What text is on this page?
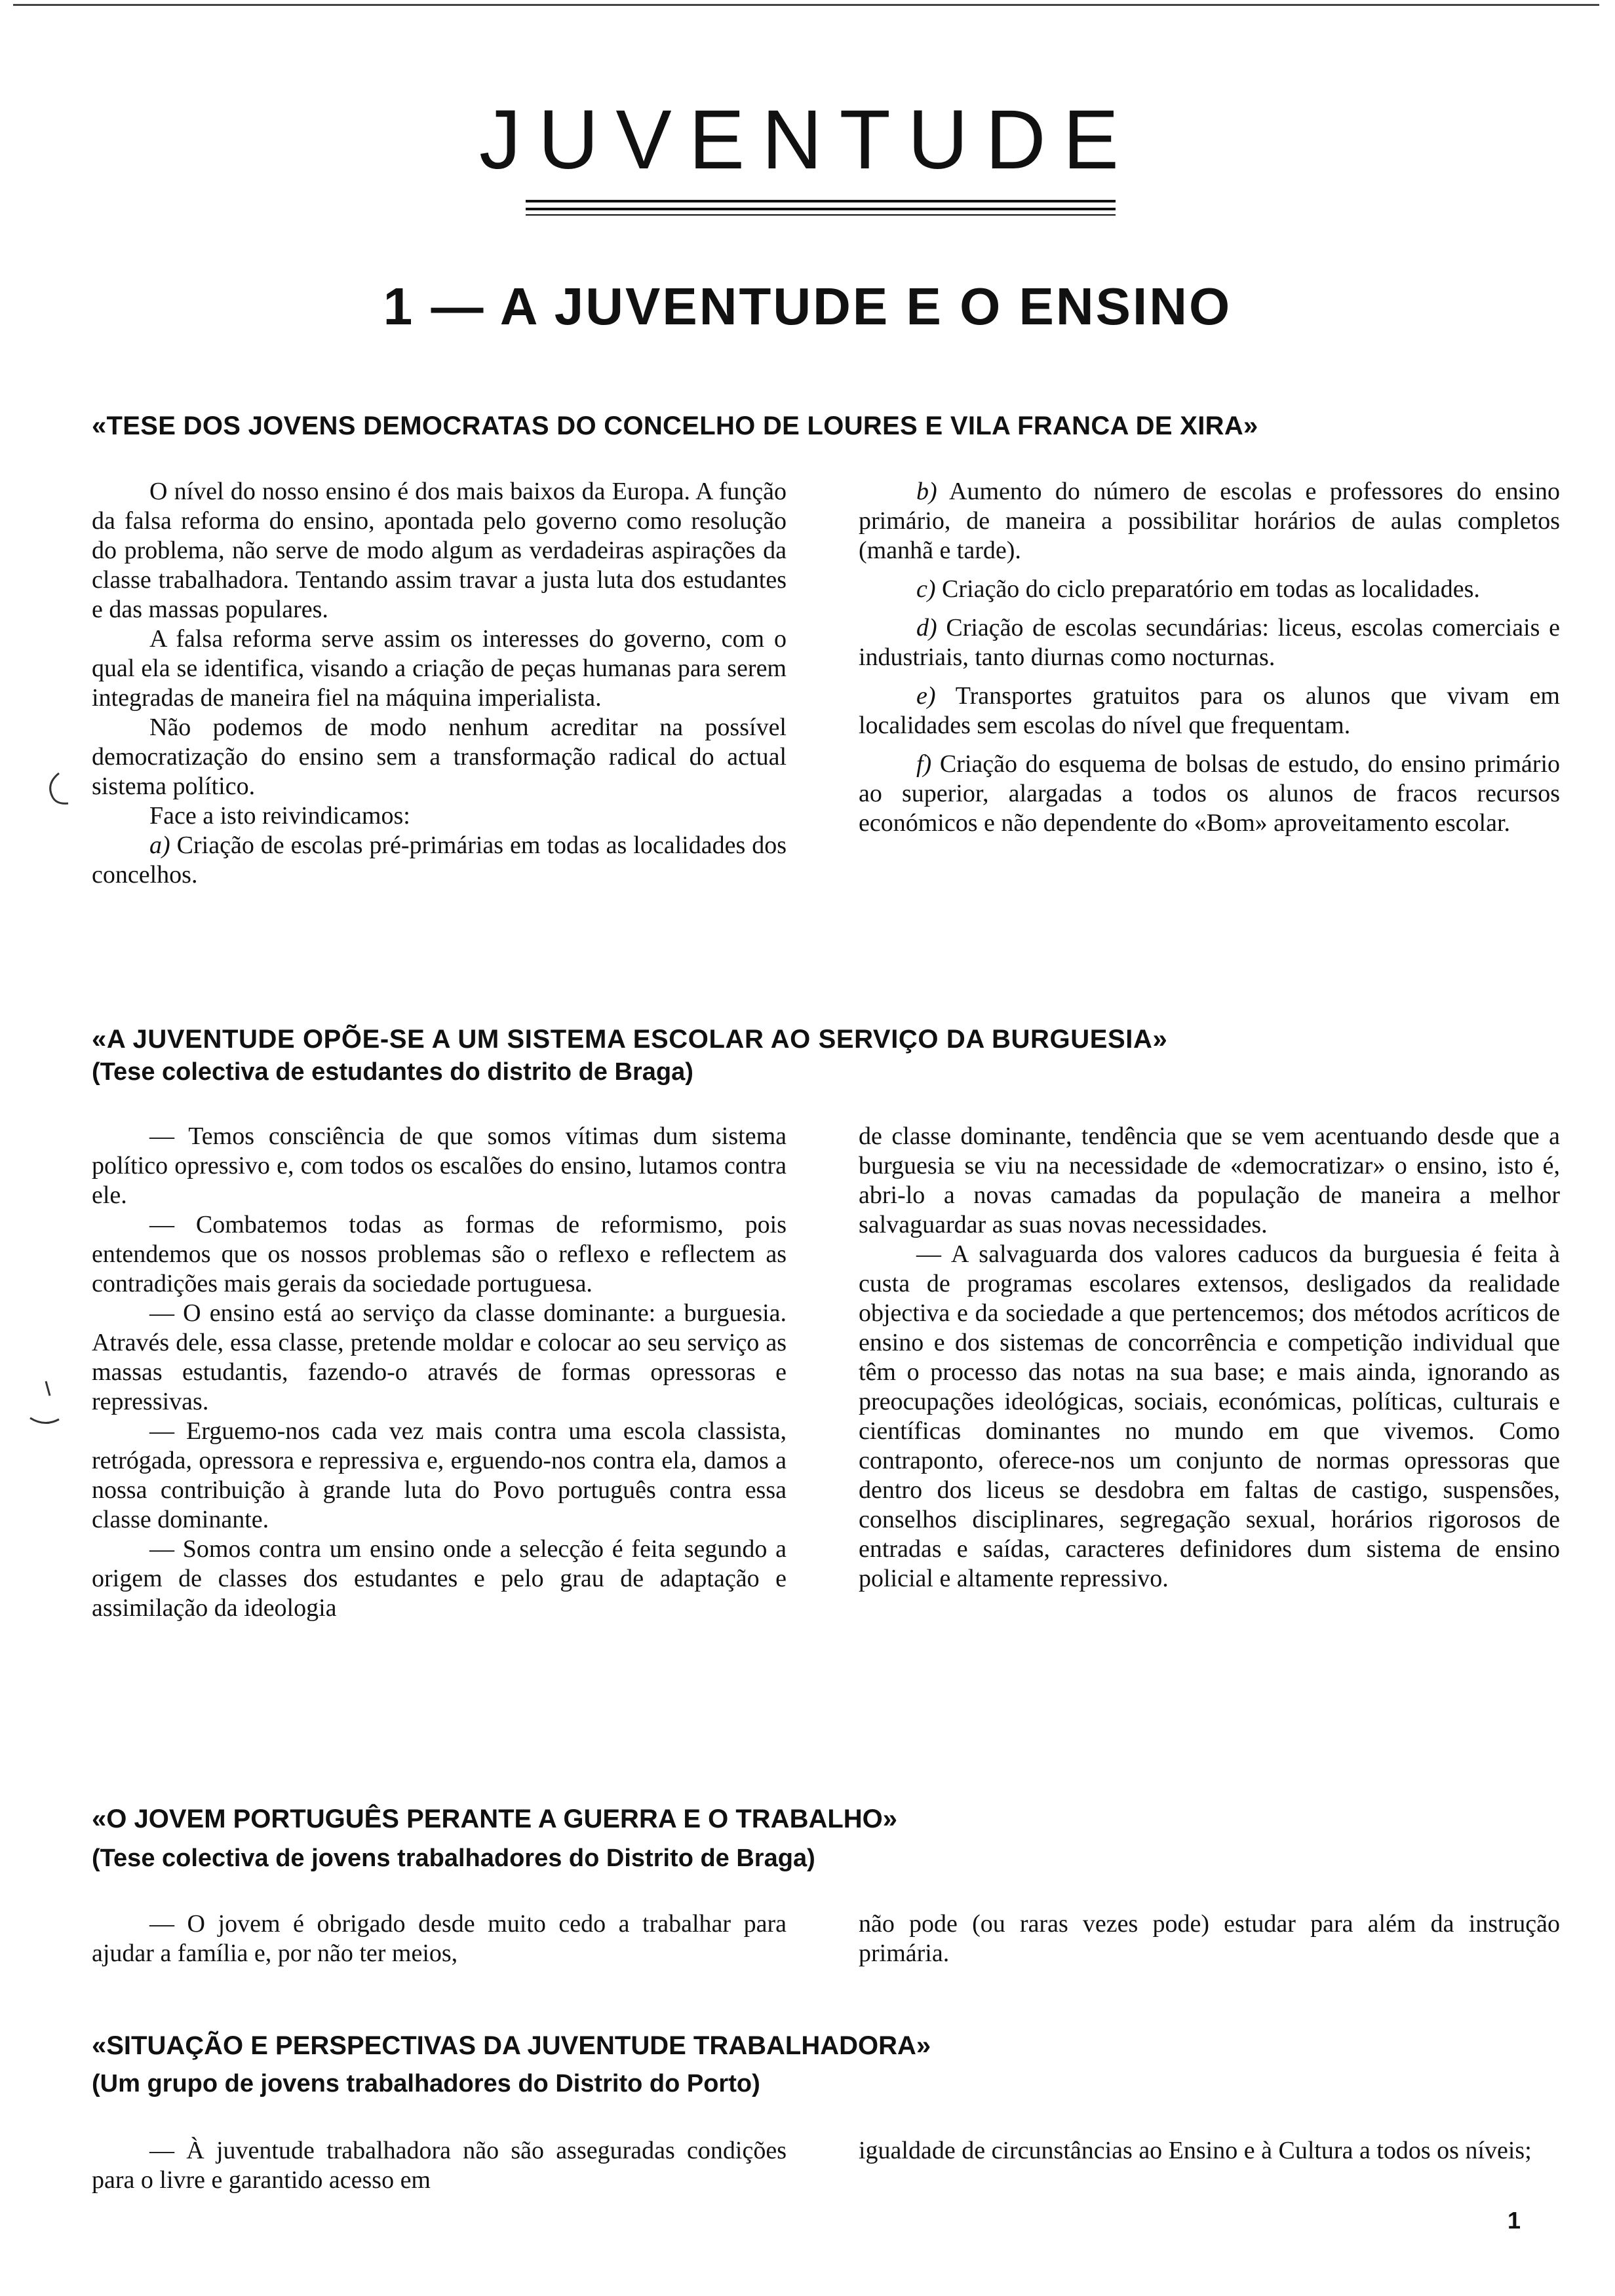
JUVENTUDE
1 — A JUVENTUDE E O ENSINO
«TESE DOS JOVENS DEMOCRATAS DO CONCELHO DE LOURES E VILA FRANCA DE XIRA»

O nível do nosso ensino é dos mais baixos da Europa. A função da falsa reforma do ensino, apontada pelo governo como resolução do problema, não serve de modo algum as verdadeiras aspirações da classe trabalhadora. Tentando assim travar a justa luta dos estudantes e das massas populares.

A falsa reforma serve assim os interesses do governo, com o qual ela se identifica, visando a criação de peças humanas para serem integradas de maneira fiel na máquina imperialista.

Não podemos de modo nenhum acreditar na possível democratização do ensino sem a transformação radical do actual sistema político.

Face a isto reivindicamos:

a) Criação de escolas pré-primárias em todas as localidades dos concelhos.

b) Aumento do número de escolas e professores do ensino primário, de maneira a possibilitar horários de aulas completos (manhã e tarde).

c) Criação do ciclo preparatório em todas as localidades.

d) Criação de escolas secundárias: liceus, escolas comerciais e industriais, tanto diurnas como nocturnas.

e) Transportes gratuitos para os alunos que vivam em localidades sem escolas do nível que frequentam.

f) Criação do esquema de bolsas de estudo, do ensino primário ao superior, alargadas a todos os alunos de fracos recursos económicos e não dependente do «Bom» aproveitamento escolar.

«A JUVENTUDE OPÕE-SE A UM SISTEMA ESCOLAR AO SERVIÇO DA BURGUESIA»
(Tese colectiva de estudantes do distrito de Braga)

— Temos consciência de que somos vítimas dum sistema político opressivo e, com todos os escalões do ensino, lutamos contra ele.

— Combatemos todas as formas de reformismo, pois entendemos que os nossos problemas são o reflexo e reflectem as contradições mais gerais da sociedade portuguesa.

— O ensino está ao serviço da classe dominante: a burguesia. Através dele, essa classe, pretende moldar e colocar ao seu serviço as massas estudantis, fazendo-o através de formas opressoras e repressivas.

— Erguemo-nos cada vez mais contra uma escola classista, retrógada, opressora e repressiva e, erguendo-nos contra ela, damos a nossa contribuição à grande luta do Povo português contra essa classe dominante.

— Somos contra um ensino onde a selecção é feita segundo a origem de classes dos estudantes e pelo grau de adaptação e assimilação da ideologia

de classe dominante, tendência que se vem acentuando desde que a burguesia se viu na necessidade de «democratizar» o ensino, isto é, abri-lo a novas camadas da população de maneira a melhor salvaguardar as suas novas necessidades.

— A salvaguarda dos valores caducos da burguesia é feita à custa de programas escolares extensos, desligados da realidade objectiva e da sociedade a que pertencemos; dos métodos acríticos de ensino e dos sistemas de concorrência e competição individual que têm o processo das notas na sua base; e mais ainda, ignorando as preocupações ideológicas, sociais, económicas, políticas, culturais e científicas dominantes no mundo em que vivemos. Como contraponto, oferece-nos um conjunto de normas opressoras que dentro dos liceus se desdobra em faltas de castigo, suspensões, conselhos disciplinares, segregação sexual, horários rigorosos de entradas e saídas, caracteres definidores dum sistema de ensino policial e altamente repressivo.

«O JOVEM PORTUGUÊS PERANTE A GUERRA E O TRABALHO»
(Tese colectiva de jovens trabalhadores do Distrito de Braga)

— O jovem é obrigado desde muito cedo a trabalhar para ajudar a família e, por não ter meios,

não pode (ou raras vezes pode) estudar para além da instrução primária.

«SITUAÇÃO E PERSPECTIVAS DA JUVENTUDE TRABALHADORA»
(Um grupo de jovens trabalhadores do Distrito do Porto)

— À juventude trabalhadora não são asseguradas condições para o livre e garantido acesso em

igualdade de circunstâncias ao Ensino e à Cultura a todos os níveis;

1
